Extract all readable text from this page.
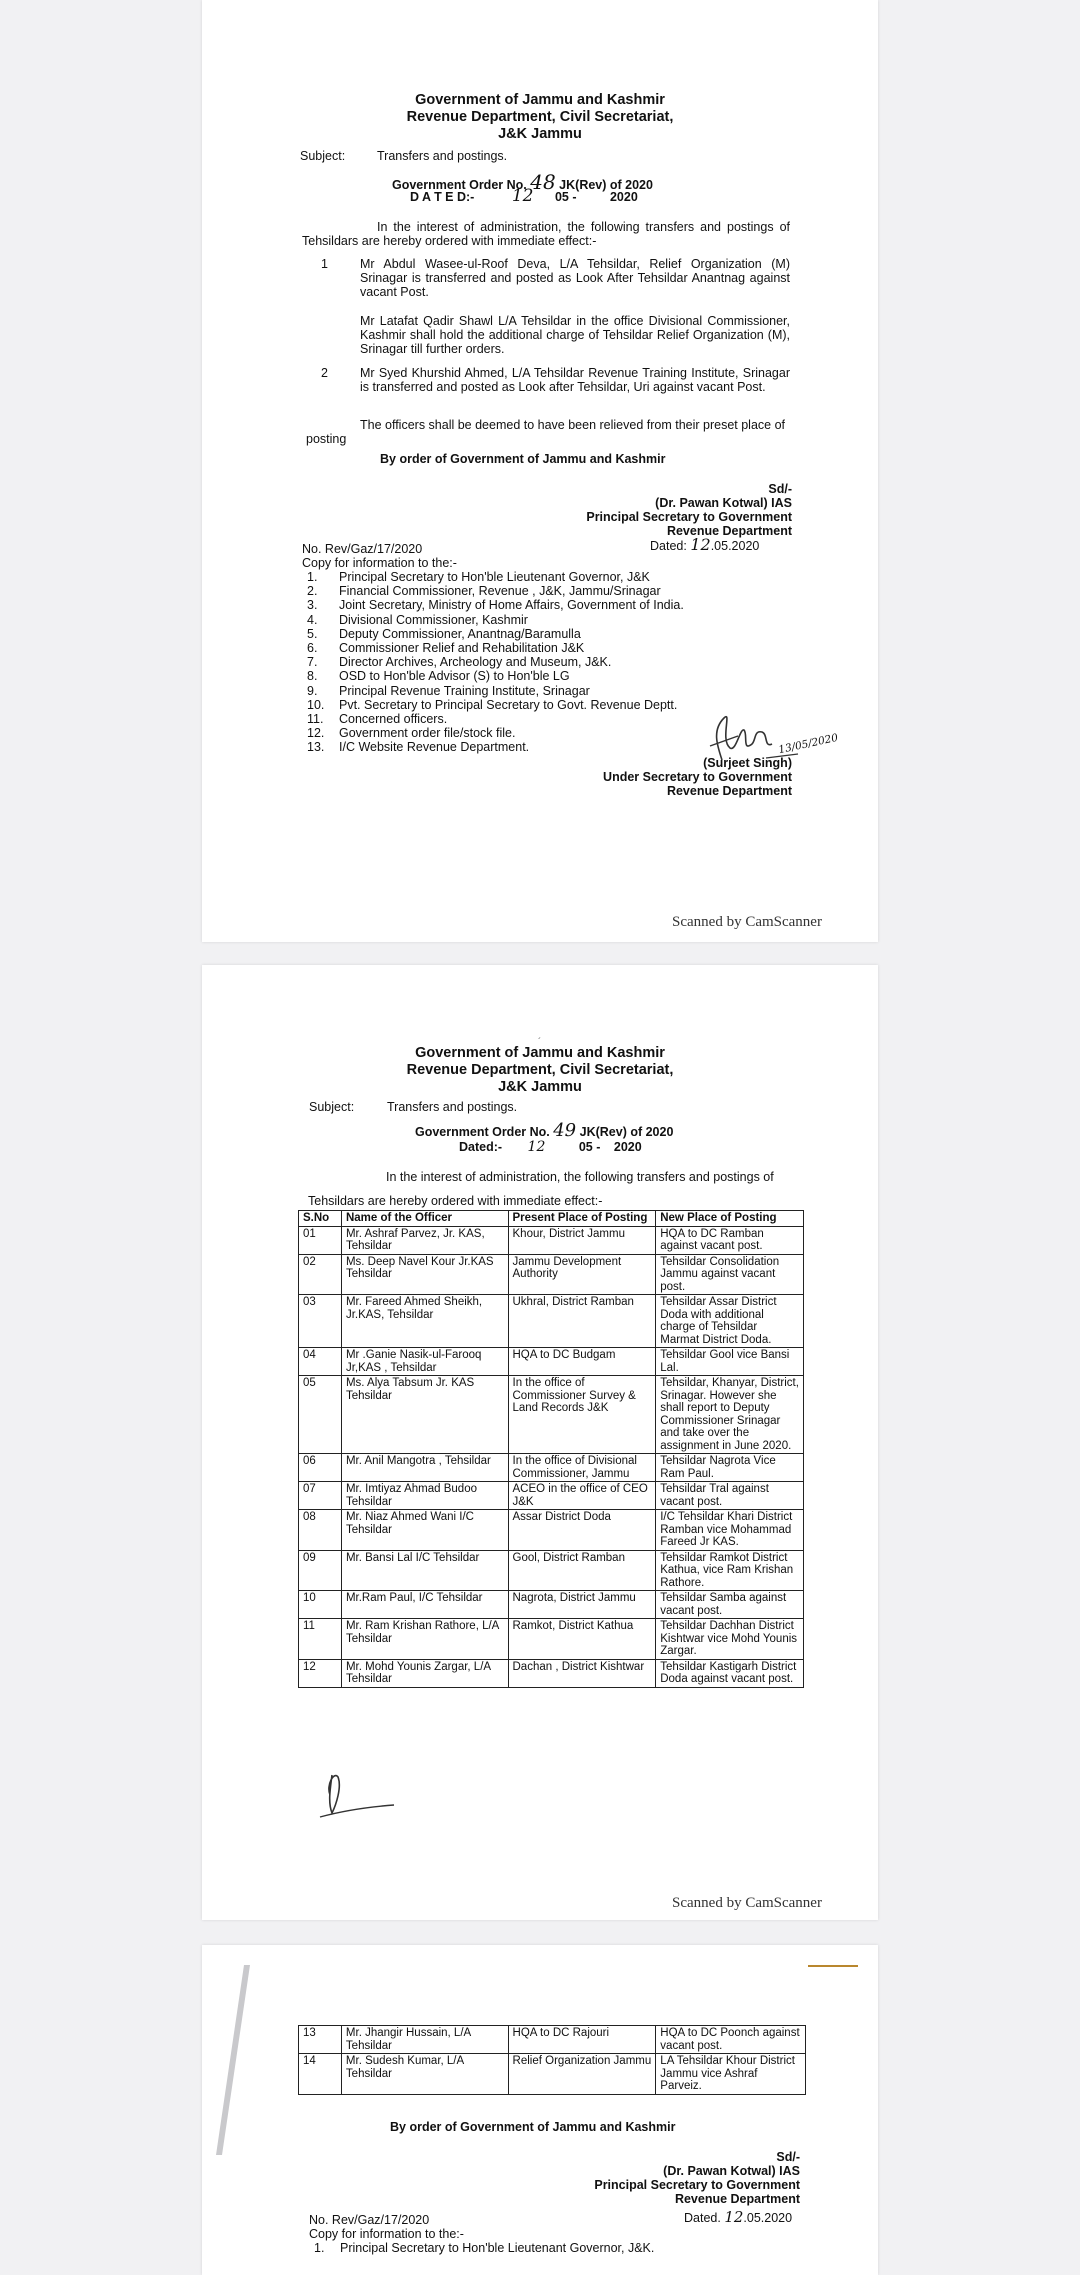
Government of Jammu and Kashmir
Revenue Department, Civil Secretariat,
J&K Jammu
Subject:	Transfers and postings.
Government Order No. 48 JK(Rev) of 2020
D A T E D:- 12 05 -	2020
In the interest of administration, the following transfers and postings of Tehsildars are hereby ordered with immediate effect:-
1	Mr Abdul Wasee-ul-Roof Deva, L/A Tehsildar, Relief Organization (M) Srinagar is transferred and posted as Look After Tehsildar Anantnag against vacant Post.
Mr Latafat Qadir Shawl L/A Tehsildar in the office Divisional Commissioner, Kashmir shall hold the additional charge of Tehsildar Relief Organization (M), Srinagar till further orders.
2	Mr Syed Khurshid Ahmed, L/A Tehsildar Revenue Training Institute, Srinagar is transferred and posted as Look after Tehsildar, Uri against vacant Post.
The officers shall be deemed to have been relieved from their preset place of posting
By order of Government of Jammu and Kashmir
Sd/-
(Dr. Pawan Kotwal) IAS
Principal Secretary to Government
Revenue Department
No. Rev/Gaz/17/2020	Dated: 12.05.2020
Copy for information to the:-
1. Principal Secretary to Hon'ble Lieutenant Governor, J&K
2. Financial Commissioner, Revenue , J&K, Jammu/Srinagar
3. Joint Secretary, Ministry of Home Affairs, Government of India.
4. Divisional Commissioner, Kashmir
5. Deputy Commissioner, Anantnag/Baramulla
6. Commissioner Relief and Rehabilitation J&K
7. Director Archives, Archeology and Museum, J&K.
8. OSD to Hon'ble Advisor (S) to Hon'ble LG
9. Principal Revenue Training Institute, Srinagar
10. Pvt. Secretary to Principal Secretary to Govt. Revenue Deptt.
11. Concerned officers.
12. Government order file/stock file.
13. I/C Website Revenue Department.	13/05/2020
(Surjeet Singh)
Under Secretary to Government
Revenue Department
Scanned by CamScanner
´
Government of Jammu and Kashmir
Revenue Department, Civil Secretariat,
J&K Jammu
Subject:	Transfers and postings.
Government Order No. 49 JK(Rev) of 2020
Dated:- 12	05 - 2020
In the interest of administration, the following transfers and postings of Tehsildars are hereby ordered with immediate effect:-
S.No	Name of the Officer	Present Place of Posting	New Place of Posting
01	Mr. Ashraf Parvez, Jr. KAS, Tehsildar	Khour, District Jammu	HQA to DC Ramban against vacant post.
02	Ms. Deep Navel Kour Jr.KAS Tehsildar	Jammu Development Authority	Tehsildar Consolidation Jammu against vacant post.
03	Mr. Fareed Ahmed Sheikh, Jr.KAS, Tehsildar	Ukhral, District Ramban	Tehsildar Assar District Doda with additional charge of Tehsildar Marmat District Doda.
04	Mr .Ganie Nasik-ul-Farooq Jr,KAS , Tehsildar	HQA to DC Budgam	Tehsildar Gool vice Bansi Lal.
05	Ms. Alya Tabsum Jr. KAS Tehsildar	In the office of Commissioner Survey & Land Records J&K	Tehsildar, Khanyar, District, Srinagar. However she shall report to Deputy Commissioner Srinagar and take over the assignment in June 2020.
06	Mr. Anil Mangotra , Tehsildar	In the office of Divisional Commissioner, Jammu	Tehsildar Nagrota Vice Ram Paul.
07	Mr. Imtiyaz Ahmad Budoo Tehsildar	ACEO in the office of CEO J&K	Tehsildar Tral against vacant post.
08	Mr. Niaz Ahmed Wani I/C Tehsildar	Assar District Doda	I/C Tehsildar Khari District Ramban vice Mohammad Fareed Jr KAS.
09	Mr. Bansi Lal I/C Tehsildar	Gool, District Ramban	Tehsildar Ramkot District Kathua, vice Ram Krishan Rathore.
10	Mr.Ram Paul, I/C Tehsildar	Nagrota, District Jammu	Tehsildar Samba against vacant post.
11	Mr. Ram Krishan Rathore, L/A Tehsildar	Ramkot, District Kathua	Tehsildar Dachhan District Kishtwar vice Mohd Younis Zargar.
12	Mr. Mohd Younis Zargar, L/A Tehsildar	Dachan , District Kishtwar	Tehsildar Kastigarh District Doda against vacant post.
Scanned by CamScanner
13	Mr. Jhangir Hussain, L/A Tehsildar	HQA to DC Rajouri	HQA to DC Poonch against vacant post.
14	Mr. Sudesh Kumar, L/A Tehsildar	Relief Organization Jammu	LA Tehsildar Khour District Jammu vice Ashraf Parveiz.
By order of Government of Jammu and Kashmir
Sd/-
(Dr. Pawan Kotwal) IAS
Principal Secretary to Government
Revenue Department
No. Rev/Gaz/17/2020	Dated. 12.05.2020
Copy for information to the:-
1. Principal Secretary to Hon'ble Lieutenant Governor, J&K.
